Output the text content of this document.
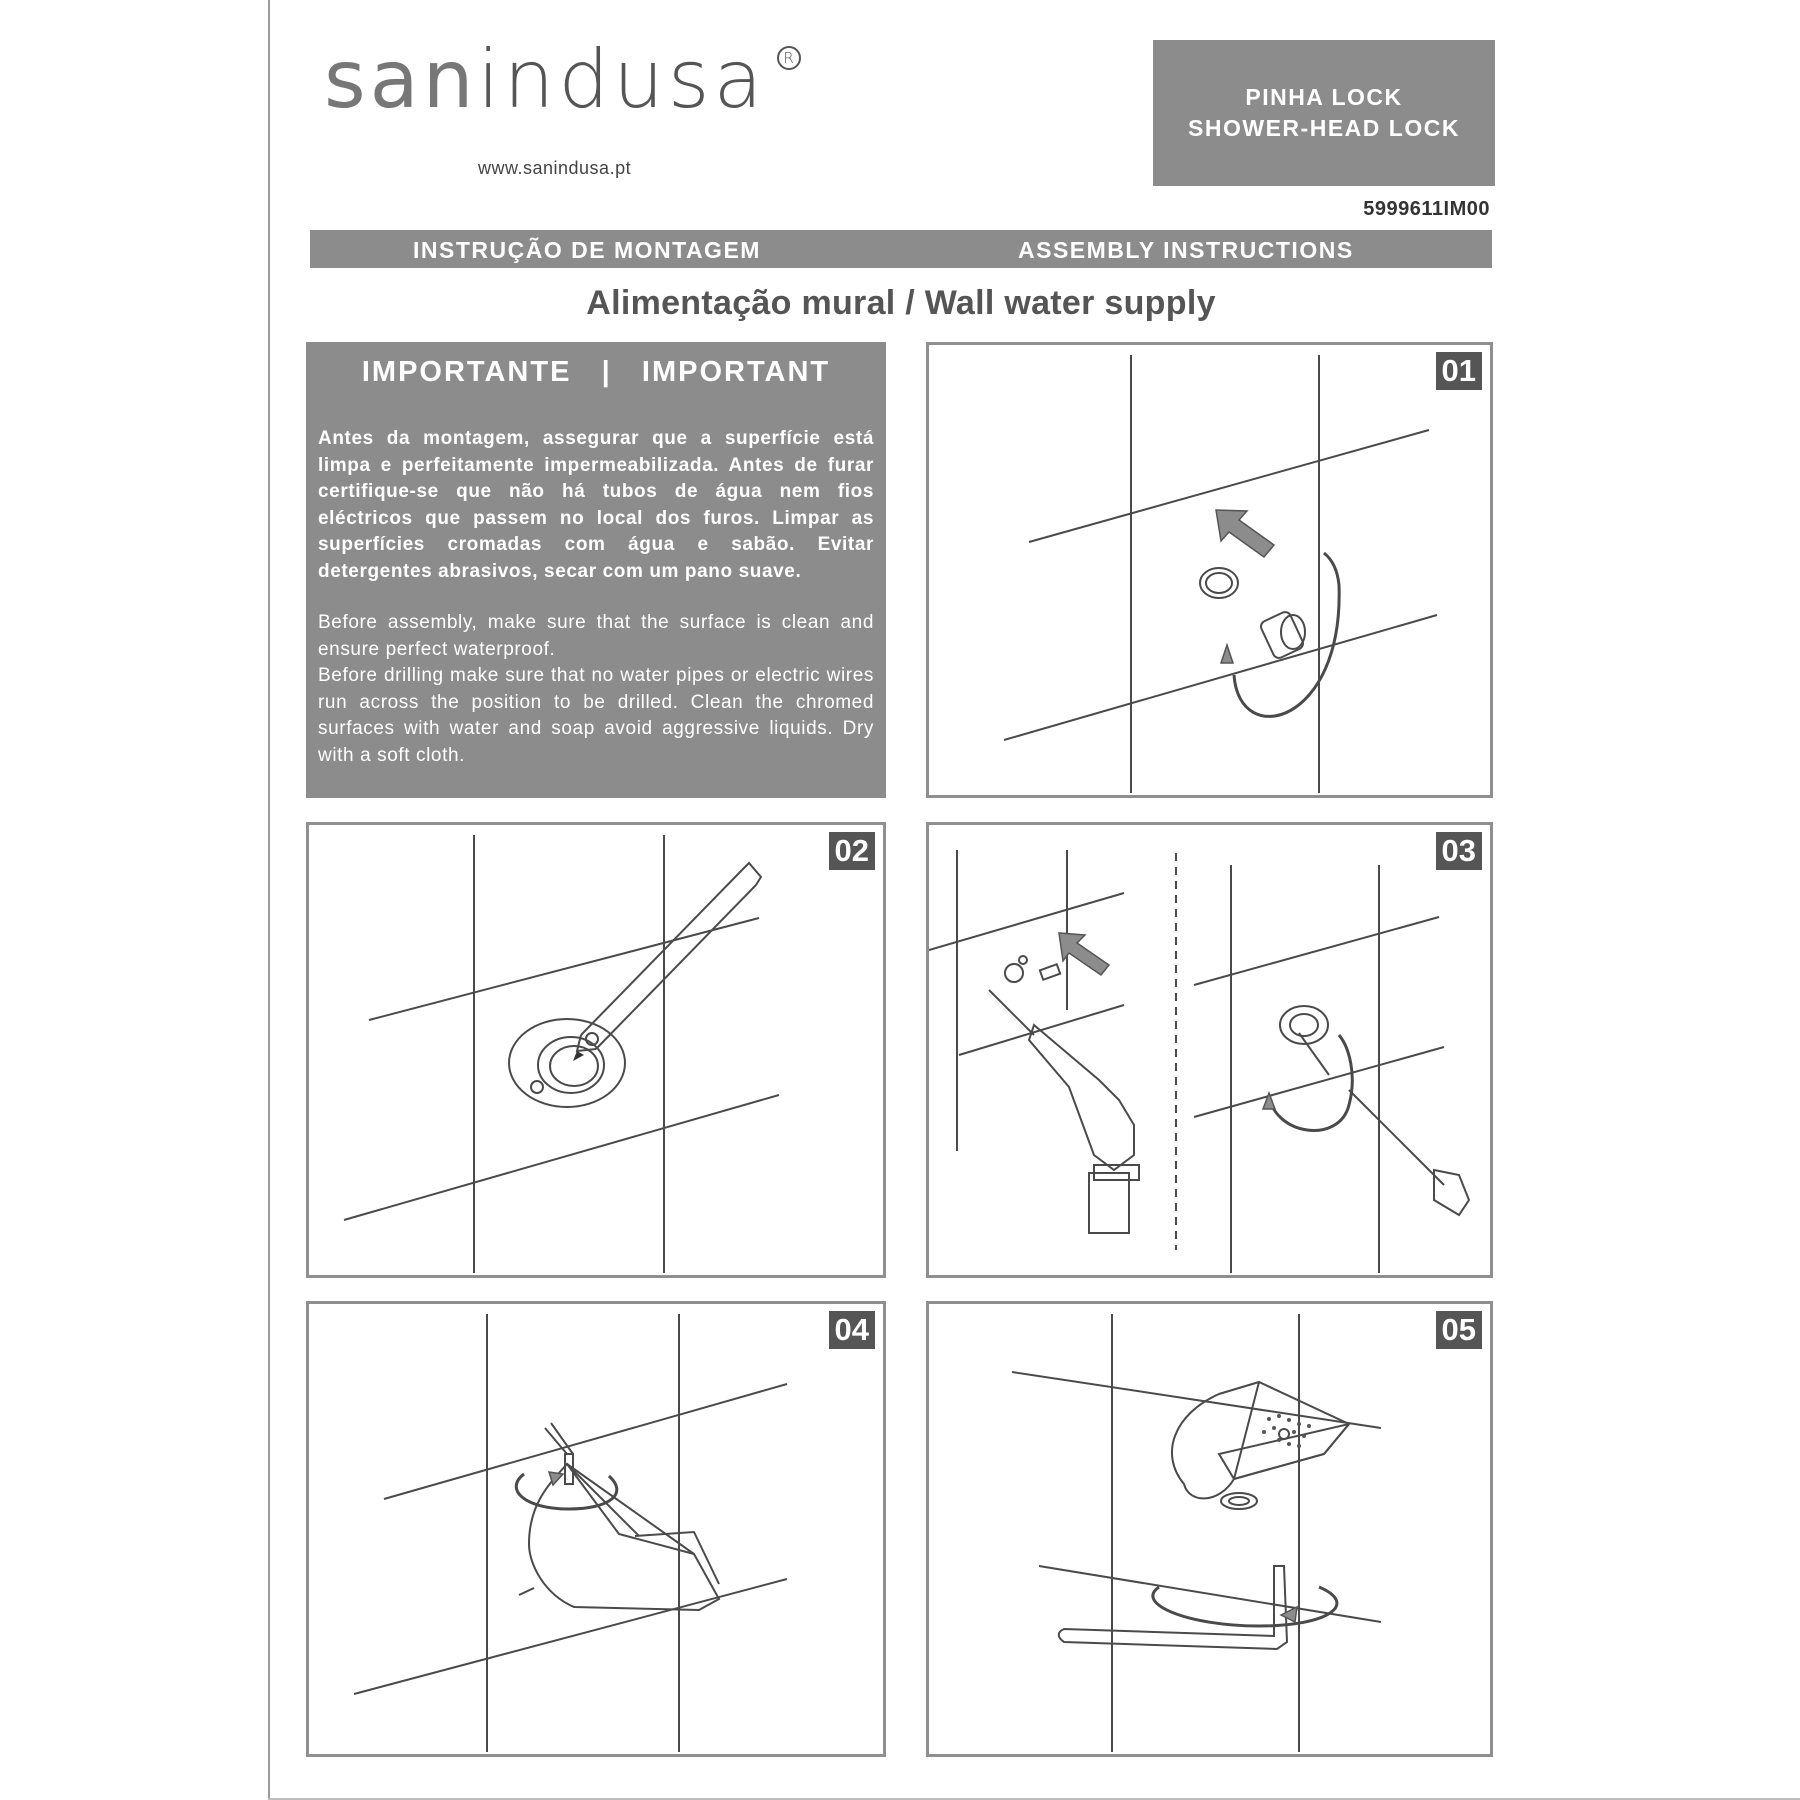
sanindusa	R
www.sanindusa.pt
PINHA LOCK
SHOWER-HEAD LOCK
5999611IM00
INSTRUÇÃO DE MONTAGEM	ASSEMBLY INSTRUCTIONS
Alimentação mural / Wall water supply
IMPORTANTE   |   IMPORTANT
Antes da montagem, assegurar que a superfície está limpa e perfeitamente impermeabilizada. Antes de furar certifique-se que não há tubos de água nem fios eléctricos que passem no local dos furos. Limpar as superfícies cromadas com água e sabão. Evitar detergentes abrasivos, secar com um pano suave.
Before assembly, make sure that the surface is clean and ensure perfect waterproof.
Before drilling make sure that no water pipes or electric wires run across the position to be drilled. Clean the chromed surfaces with water and soap avoid aggressive liquids. Dry with a soft cloth.
01
02	03
04	05
